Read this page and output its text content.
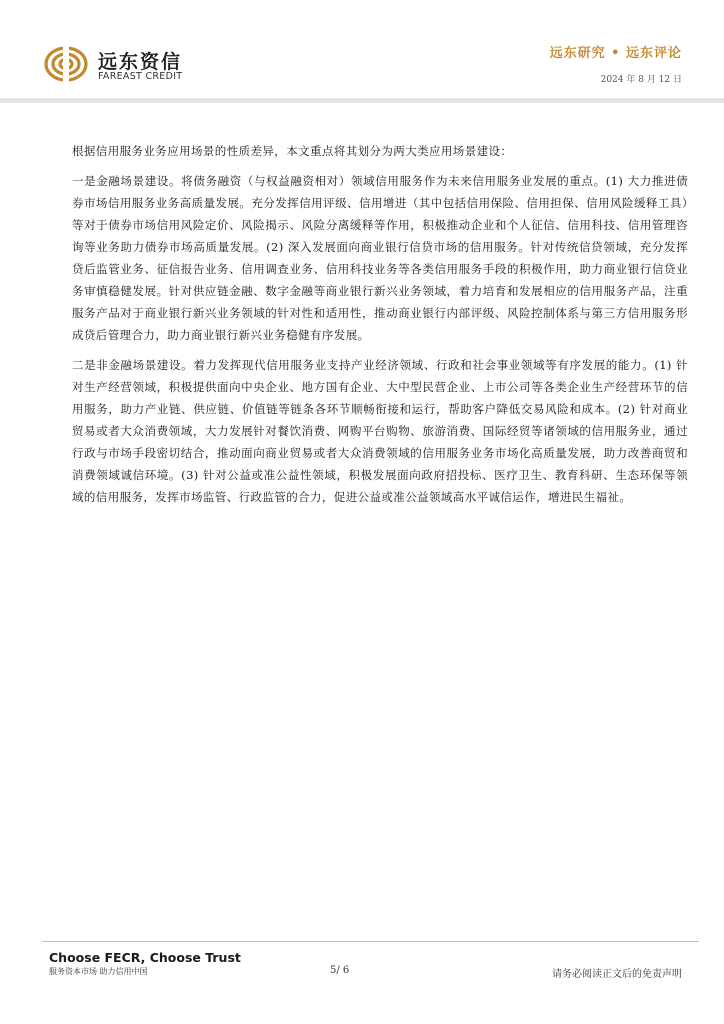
远东资信
FAREAST CREDIT
远东研究 • 远东评论
2024 年 8 月 12 日

根据信用服务业务应用场景的性质差异，本文重点将其划分为两大类应用场景建设：

一是金融场景建设。将债务融资（与权益融资相对）领域信用服务作为未来信用服务业发展的重点。(1) 大力推进债券市场信用服务业务高质量发展。充分发挥信用评级、信用增进（其中包括信用保险、信用担保、信用风险缓释工具）等对于债券市场信用风险定价、风险揭示、风险分离缓释等作用，积极推动企业和个人征信、信用科技、信用管理咨询等业务助力债券市场高质量发展。(2) 深入发展面向商业银行信贷市场的信用服务。针对传统信贷领域，充分发挥贷后监管业务、征信报告业务、信用调查业务、信用科技业务等各类信用服务手段的积极作用，助力商业银行信贷业务审慎稳健发展。针对供应链金融、数字金融等商业银行新兴业务领域，着力培育和发展相应的信用服务产品，注重服务产品对于商业银行新兴业务领域的针对性和适用性，推动商业银行内部评级、风险控制体系与第三方信用服务形成贷后管理合力，助力商业银行新兴业务稳健有序发展。

二是非金融场景建设。着力发挥现代信用服务业支持产业经济领域、行政和社会事业领域等有序发展的能力。(1) 针对生产经营领域，积极提供面向中央企业、地方国有企业、大中型民营企业、上市公司等各类企业生产经营环节的信用服务，助力产业链、供应链、价值链等链条各环节顺畅衔接和运行，帮助客户降低交易风险和成本。(2) 针对商业贸易或者大众消费领域，大力发展针对餐饮消费、网购平台购物、旅游消费、国际经贸等诸领域的信用服务业，通过行政与市场手段密切结合，推动面向商业贸易或者大众消费领域的信用服务业务市场化高质量发展，助力改善商贸和消费领域诚信环境。(3) 针对公益或准公益性领域，积极发展面向政府招投标、医疗卫生、教育科研、生态环保等领域的信用服务，发挥市场监管、行政监管的合力，促进公益或准公益领域高水平诚信运作，增进民生福祉。

Choose FECR, Choose Trust
服务资本市场 助力信用中国	5/ 6	请务必阅读正文后的免责声明
